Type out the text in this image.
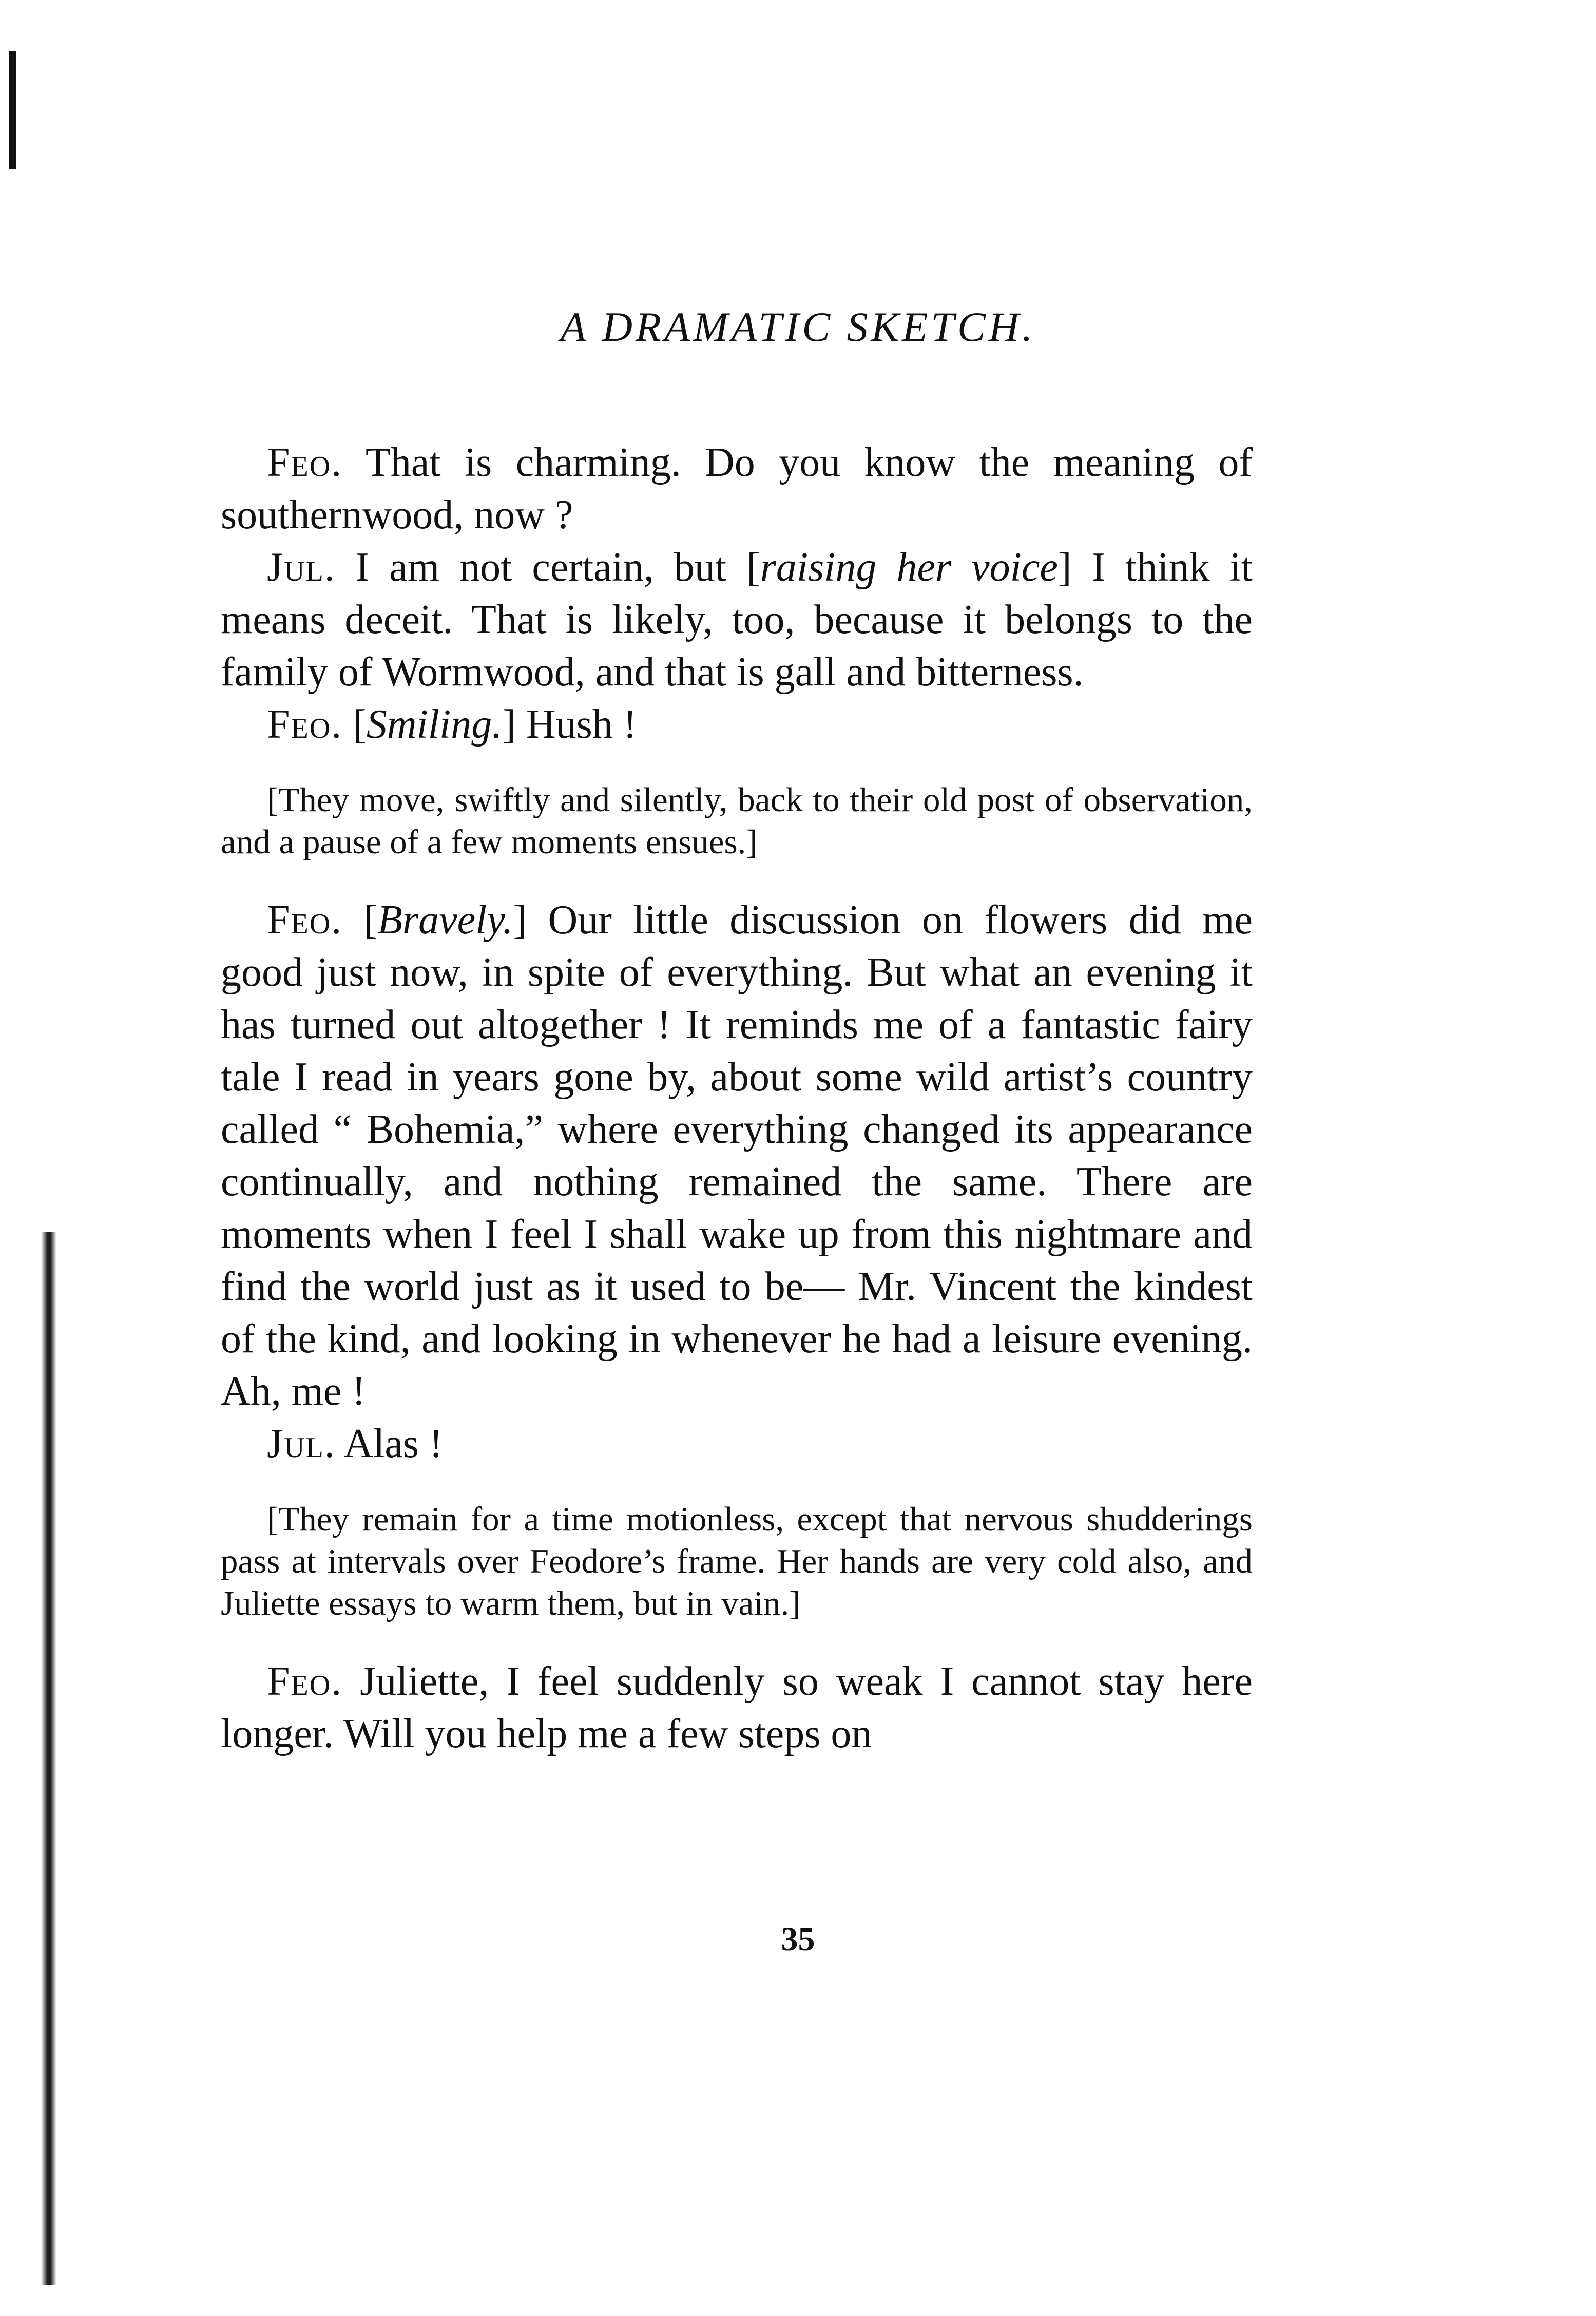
A DRAMATIC SKETCH.

Feo. That is charming. Do you know the meaning of southernwood, now ?

Jul. I am not certain, but [raising her voice] I think it means deceit. That is likely, too, because it belongs to the family of Wormwood, and that is gall and bitterness.

Feo. [Smiling.] Hush !

[They move, swiftly and silently, back to their old post of observation, and a pause of a few moments ensues.]

Feo. [Bravely.] Our little discussion on flowers did me good just now, in spite of everything. But what an evening it has turned out altogether ! It reminds me of a fantastic fairy tale I read in years gone by, about some wild artist’s country called “ Bohemia,” where everything changed its appearance continually, and nothing remained the same. There are moments when I feel I shall wake up from this nightmare and find the world just as it used to be— Mr. Vincent the kindest of the kind, and looking in whenever he had a leisure evening. Ah, me !

Jul. Alas !

[They remain for a time motionless, except that nervous shudderings pass at intervals over Feodore’s frame. Her hands are very cold also, and Juliette essays to warm them, but in vain.]

Feo. Juliette, I feel suddenly so weak I cannot stay here longer. Will you help me a few steps on

35
